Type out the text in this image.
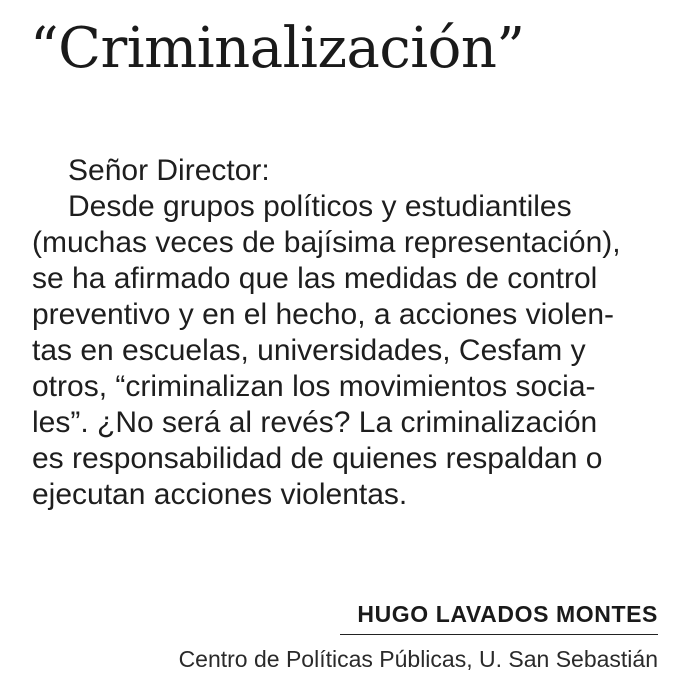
“Criminalización”

Señor Director:

Desde grupos políticos y estudiantiles
(muchas veces de bajísima representación),
se ha afirmado que las medidas de control
preventivo y en el hecho, a acciones violen-
tas en escuelas, universidades, Cesfam y
otros, “criminalizan los movimientos socia-
les”. ¿No será al revés? La criminalización
es responsabilidad de quienes respaldan o
ejecutan acciones violentas.

HUGO LAVADOS MONTES
Centro de Políticas Públicas, U. San Sebastián
